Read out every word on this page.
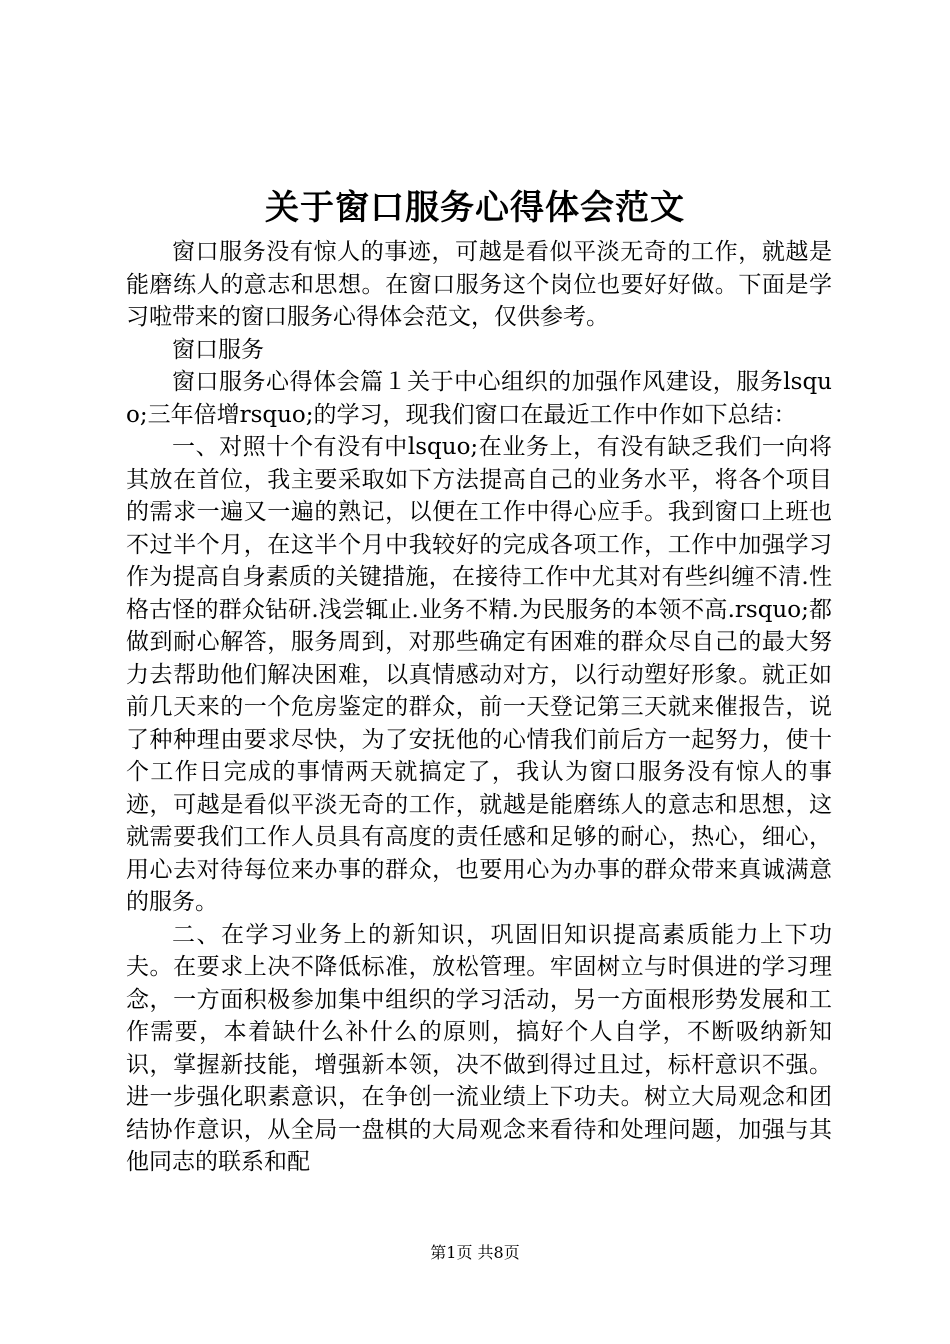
关于窗口服务心得体会范文

窗口服务没有惊人的事迹，可越是看似平淡无奇的工作，就越是能磨练人的意志和思想。在窗口服务这个岗位也要好好做。下面是学习啦带来的窗口服务心得体会范文，仅供参考。

窗口服务

窗口服务心得体会篇１关于中心组织的加强作风建设，服务lsquo;三年倍增rsquo;的学习，现我们窗口在最近工作中作如下总结：

一、对照十个有没有中lsquo;在业务上，有没有缺乏我们一向将其放在首位，我主要采取如下方法提高自己的业务水平，将各个项目的需求一遍又一遍的熟记，以便在工作中得心应手。我到窗口上班也不过半个月，在这半个月中我较好的完成各项工作，工作中加强学习作为提高自身素质的关键措施，在接待工作中尤其对有些纠缠不清.性格古怪的群众钻研.浅尝辄止.业务不精.为民服务的本领不高.rsquo;都做到耐心解答，服务周到，对那些确定有困难的群众尽自己的最大努力去帮助他们解决困难，以真情感动对方，以行动塑好形象。就正如前几天来的一个危房鉴定的群众，前一天登记第三天就来催报告，说了种种理由要求尽快，为了安抚他的心情我们前后方一起努力，使十个工作日完成的事情两天就搞定了，我认为窗口服务没有惊人的事迹，可越是看似平淡无奇的工作，就越是能磨练人的意志和思想，这就需要我们工作人员具有高度的责任感和足够的耐心，热心，细心，用心去对待每位来办事的群众，也要用心为办事的群众带来真诚满意的服务。

二、在学习业务上的新知识，巩固旧知识提高素质能力上下功夫。在要求上决不降低标准，放松管理。牢固树立与时俱进的学习理念，一方面积极参加集中组织的学习活动，另一方面根形势发展和工作需要，本着缺什么补什么的原则，搞好个人自学，不断吸纳新知识，掌握新技能，增强新本领，决不做到得过且过，标杆意识不强。进一步强化职素意识，在争创一流业绩上下功夫。树立大局观念和团结协作意识，从全局一盘棋的大局观念来看待和处理问题，加强与其他同志的联系和配

第1页 共8页
